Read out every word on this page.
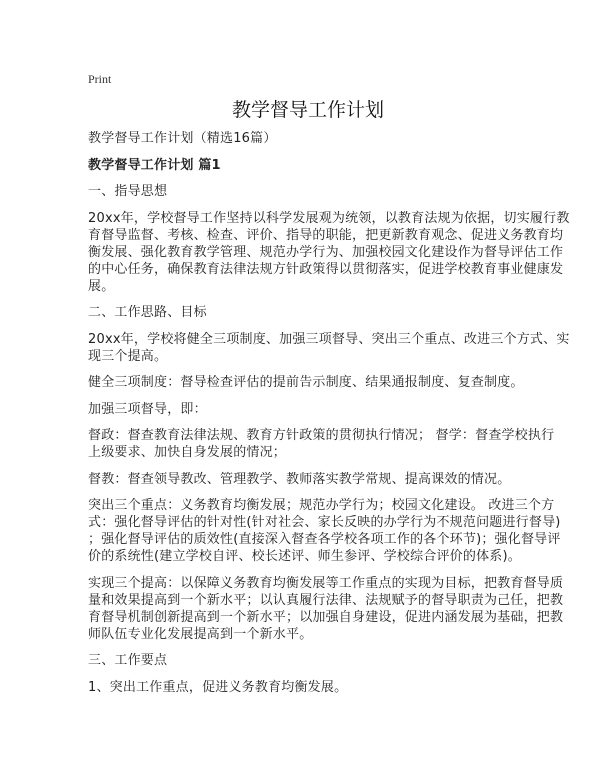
Print
教学督导工作计划

教学督导工作计划（精选16篇）

教学督导工作计划 篇1

一、指导思想

20xx年，学校督导工作坚持以科学发展观为统领，以教育法规为依据，切实履行教
育督导监督、考核、检查、评价、指导的职能，把更新教育观念、促进义务教育均
衡发展、强化教育教学管理、规范办学行为、加强校园文化建设作为督导评估工作
的中心任务，确保教育法律法规方针政策得以贯彻落实，促进学校教育事业健康发
展。

二、工作思路、目标

20xx年，学校将健全三项制度、加强三项督导、突出三个重点、改进三个方式、实
现三个提高。

健全三项制度：督导检查评估的提前告示制度、结果通报制度、复查制度。

加强三项督导，即：

督政：督查教育法律法规、教育方针政策的贯彻执行情况； 督学：督查学校执行
上级要求、加快自身发展的情况；

督教：督查领导教改、管理教学、教师落实教学常规、提高课效的情况。

突出三个重点：义务教育均衡发展；规范办学行为；校园文化建设。 改进三个方
式：强化督导评估的针对性(针对社会、家长反映的办学行为不规范问题进行督导)
；强化督导评估的质效性(直接深入督查各学校各项工作的各个环节)；强化督导评
价的系统性(建立学校自评、校长述评、师生参评、学校综合评价的体系)。

实现三个提高：以保障义务教育均衡发展等工作重点的实现为目标，把教育督导质
量和效果提高到一个新水平；以认真履行法律、法规赋予的督导职责为己任，把教
育督导机制创新提高到一个新水平；以加强自身建设，促进内涵发展为基础，把教
师队伍专业化发展提高到一个新水平。

三、工作要点

1、突出工作重点，促进义务教育均衡发展。
